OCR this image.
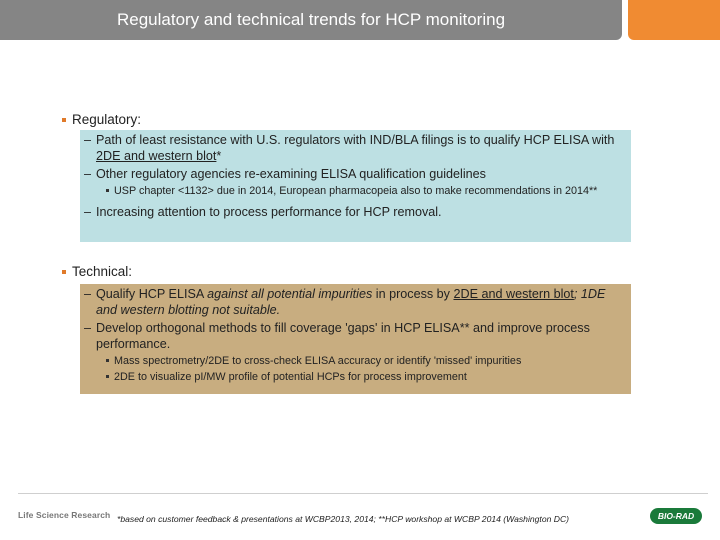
Regulatory and technical trends for HCP monitoring
Regulatory:
– Path of least resistance with U.S. regulators with IND/BLA filings is to qualify HCP ELISA with 2DE and western blot*
– Other regulatory agencies re-examining ELISA qualification guidelines
USP chapter <1132> due in 2014, European pharmacopeia also to make recommendations in 2014**
– Increasing attention to process performance for HCP removal.
Technical:
– Qualify HCP ELISA against all potential impurities in process by 2DE and western blot; 1DE and western blotting not suitable.
– Develop orthogonal methods to fill coverage 'gaps' in HCP ELISA** and improve process performance.
Mass spectrometry/2DE to cross-check ELISA accuracy or identify 'missed' impurities
2DE to visualize pI/MW profile of potential HCPs for process improvement
Life Science Research *based on customer feedback & presentations at WCBP2013, 2014; **HCP workshop at WCBP 2014 (Washington DC)	BIO-RAD
